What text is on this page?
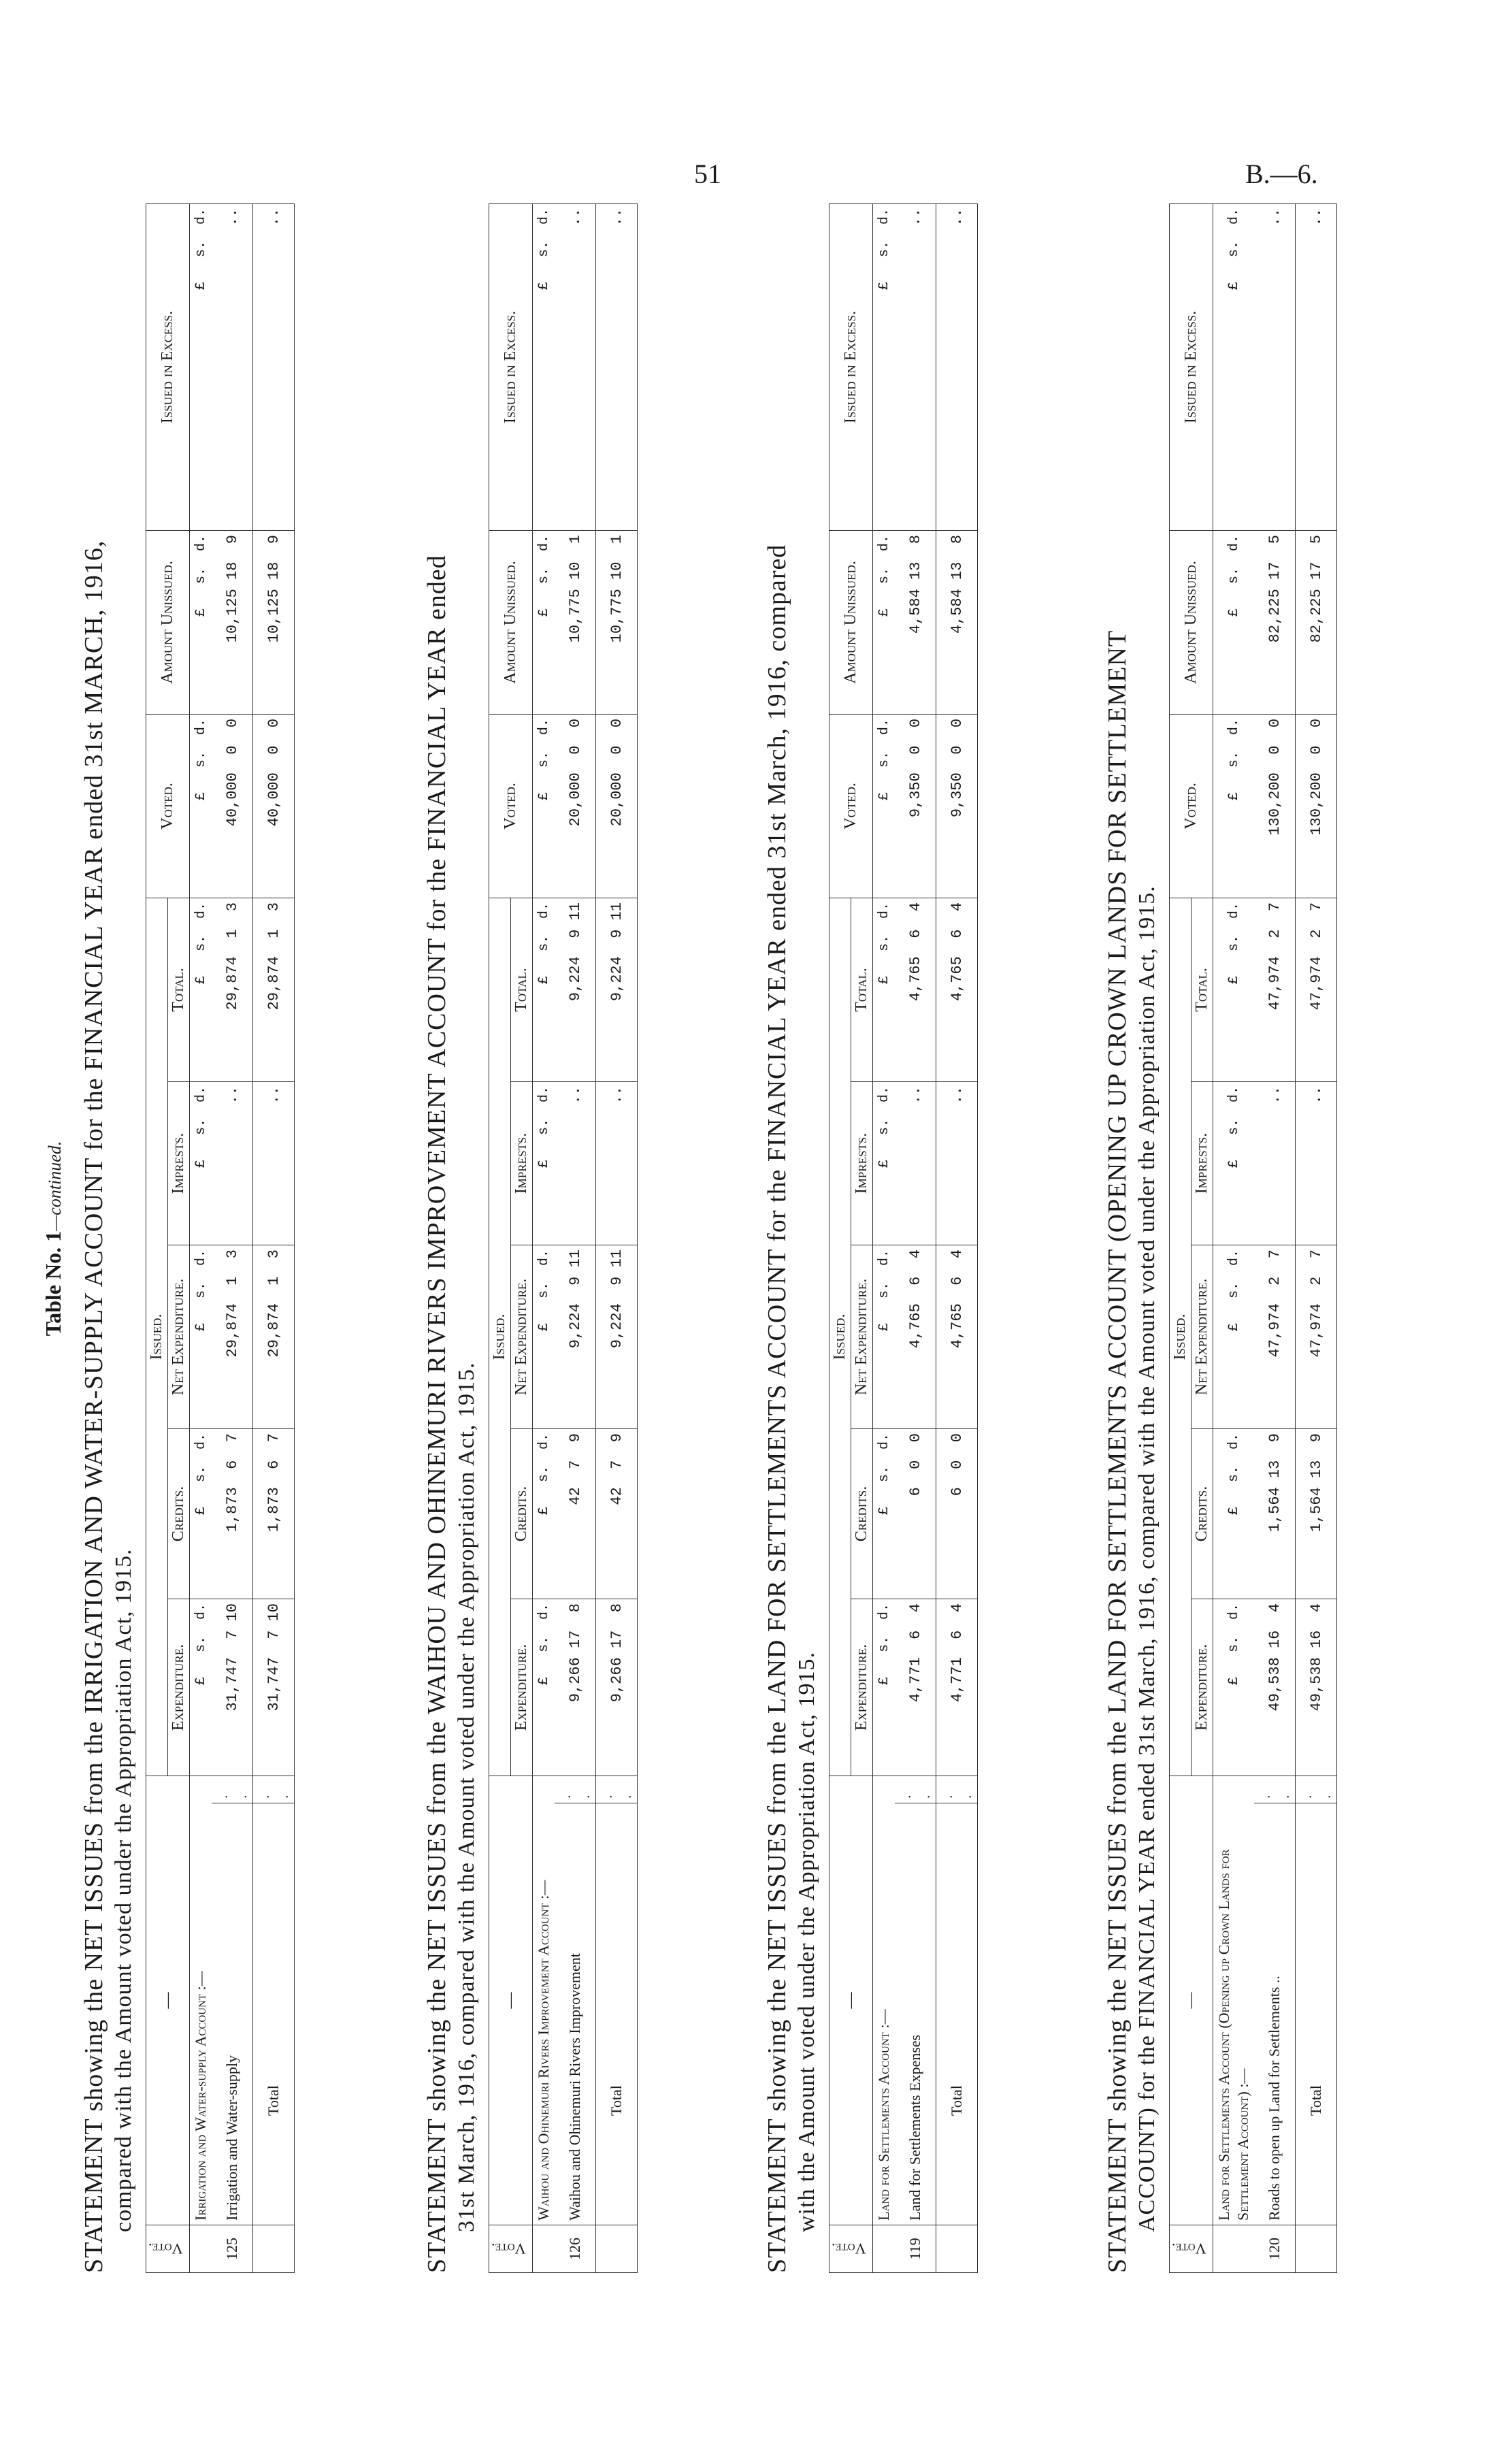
51	B.—6.
Table No. 1—continued. STATEMENT showing the NET ISSUES from the IRRIGATION AND WATER-SUPPLY ACCOUNT for the FINANCIAL YEAR ended 31st MARCH, 1916, compared with the Amount voted under the Appropriation Act, 1915.
Vote.	—		Issued.					Voted.	Amount Unissued.	Issued in Excess.
			Expenditure.	Credits.	Net Expenditure.	Imprests.	Total.			
	Irrigation and Water-supply Account :—		£   s.  d.	£   s.  d.	£   s.  d.	£   s.  d.	£   s.  d.	£   s.  d.	£   s.  d.	£   s.  d.
125	Irrigation and Water-supply	. .	31,747  7 10	1,873  6  7	29,874  1  3	..	29,874  1  3	40,000  0  0	10,125 18  9	..
	Total	. .	31,747  7 10	1,873  6  7	29,874  1  3	..	29,874  1  3	40,000  0  0	10,125 18  9	..
STATEMENT showing the NET ISSUES from the WAIHOU AND OHINEMURI RIVERS IMPROVEMENT ACCOUNT for the FINANCIAL YEAR ended 31st March, 1916, compared with the Amount voted under the Appropriation Act, 1915.
Vote.	—		Issued.					Voted.	Amount Unissued.	Issued in Excess.
			Expenditure.	Credits.	Net Expenditure.	Imprests.	Total.			
	Waihou and Ohinemuri Rivers Improvement Account :—		£   s.  d.	£   s.  d.	£   s.  d.	£   s.  d.	£   s.  d.	£   s.  d.	£   s.  d.	£   s.  d.
126	Waihou and Ohinemuri Rivers Improvement	. .	9,266 17  8	42  7  9	9,224  9 11	..	9,224  9 11	20,000  0  0	10,775 10  1	..
	Total	. .	9,266 17  8	42  7  9	9,224  9 11	..	9,224  9 11	20,000  0  0	10,775 10  1	..
STATEMENT showing the NET ISSUES from the LAND FOR SETTLEMENTS ACCOUNT for the FINANCIAL YEAR ended 31st March, 1916, compared with the Amount voted under the Appropriation Act, 1915.
Vote.	—		Issued.					Voted.	Amount Unissued.	Issued in Excess.
			Expenditure.	Credits.	Net Expenditure.	Imprests.	Total.			
	Land for Settlements Account :—		£   s.  d.	£   s.  d.	£   s.  d.	£   s.  d.	£   s.  d.	£   s.  d.	£   s.  d.	£   s.  d.
119	Land for Settlements Expenses	. .	4,771  6  4	6  0  0	4,765  6  4	..	4,765  6  4	9,350  0  0	4,584 13  8	..
	Total	. .	4,771  6  4	6  0  0	4,765  6  4	..	4,765  6  4	9,350  0  0	4,584 13  8	..
STATEMENT showing the NET ISSUES from the LAND FOR SETTLEMENTS ACCOUNT (OPENING UP CROWN LANDS FOR SETTLEMENT ACCOUNT) for the FINANCIAL YEAR ended 31st March, 1916, compared with the Amount voted under the Appropriation Act, 1915.
Vote.	—		Issued.					Voted.	Amount Unissued.	Issued in Excess.
			Expenditure.	Credits.	Net Expenditure.	Imprests.	Total.			
	Land for Settlements Account (Opening up Crown Lands for Settlement Account) :—		£   s.  d.	£   s.  d.	£   s.  d.	£   s.  d.	£   s.  d.	£   s.  d.	£   s.  d.	£   s.  d.
120	Roads to open up Land for Settlements ..	. .	49,538 16  4	1,564 13  9	47,974  2  7	..	47,974  2  7	130,200  0  0	82,225 17  5	..
	Total	. .	49,538 16  4	1,564 13  9	47,974  2  7	..	47,974  2  7	130,200  0  0	82,225 17  5	..
